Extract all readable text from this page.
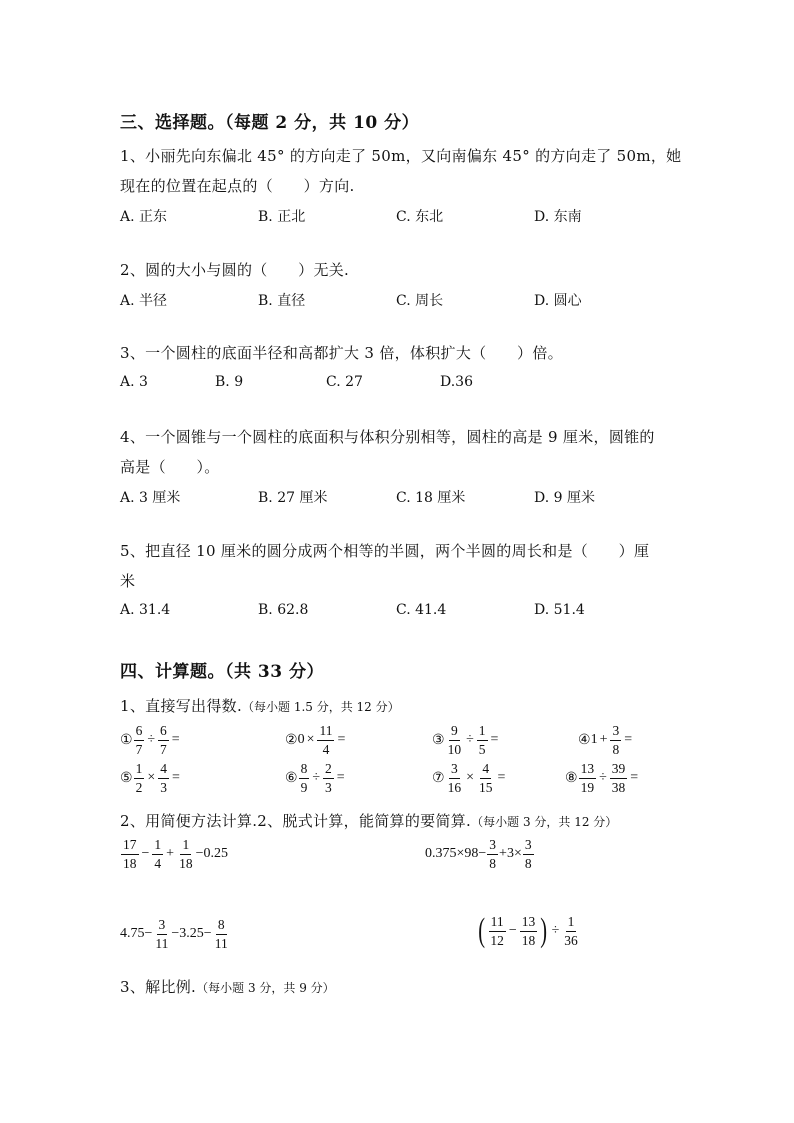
三、选择题。（每题 2 分，共 10 分）
1、小丽先向东偏北 45° 的方向走了 50m，又向南偏东 45° 的方向走了 50m，她
现在的位置在起点的（　　）方向.
A. 正东	B. 正北	C. 东北	D. 东南
2、圆的大小与圆的（　　）无关.
A. 半径	B. 直径	C. 周长	D. 圆心
3、一个圆柱的底面半径和高都扩大 3 倍，体积扩大（　　）倍。
A. 3	B. 9	C. 27	D.36
4、一个圆锥与一个圆柱的底面积与体积分别相等，圆柱的高是 9 厘米，圆锥的
高是（　　）。
A. 3 厘米	B. 27 厘米	C. 18 厘米	D. 9 厘米
5、把直径 10 厘米的圆分成两个相等的半圆，两个半圆的周长和是（　　）厘
米
A. 31.4	B. 62.8	C. 41.4	D. 51.4
四、计算题。（共 33 分）
1、直接写出得数.（每小题 1.5 分，共 12 分）
① $\frac{6}{7} \div \frac{6}{7}$ =	② $0 \times \frac{11}{4}$ =	③ $\frac{9}{10} \div \frac{1}{5}$ =	④ $1 + \frac{3}{8}$ =
⑤ $\frac{1}{2} \times \frac{4}{3}$ =	⑥ $\frac{8}{9} \div \frac{2}{3}$ =	⑦ $\frac{3}{16} \times \frac{4}{15}$ =	⑧ $\frac{13}{19} \div \frac{39}{38}$ =
2、用简便方法计算.2、脱式计算，能简算的要简算.（每小题 3 分，共 12 分）
$\frac{17}{18} - \frac{1}{4} + \frac{1}{18} -0.25$	$0.375\times 98- \frac{3}{8} +3\times \frac{3}{8}$
$4.75- \frac{3}{11} -3.25- \frac{8}{11}$	( $\frac{11}{12} - \frac{13}{18}$ ) ÷ $\frac{1}{36}$
3、解比例.（每小题 3 分，共 9 分）
